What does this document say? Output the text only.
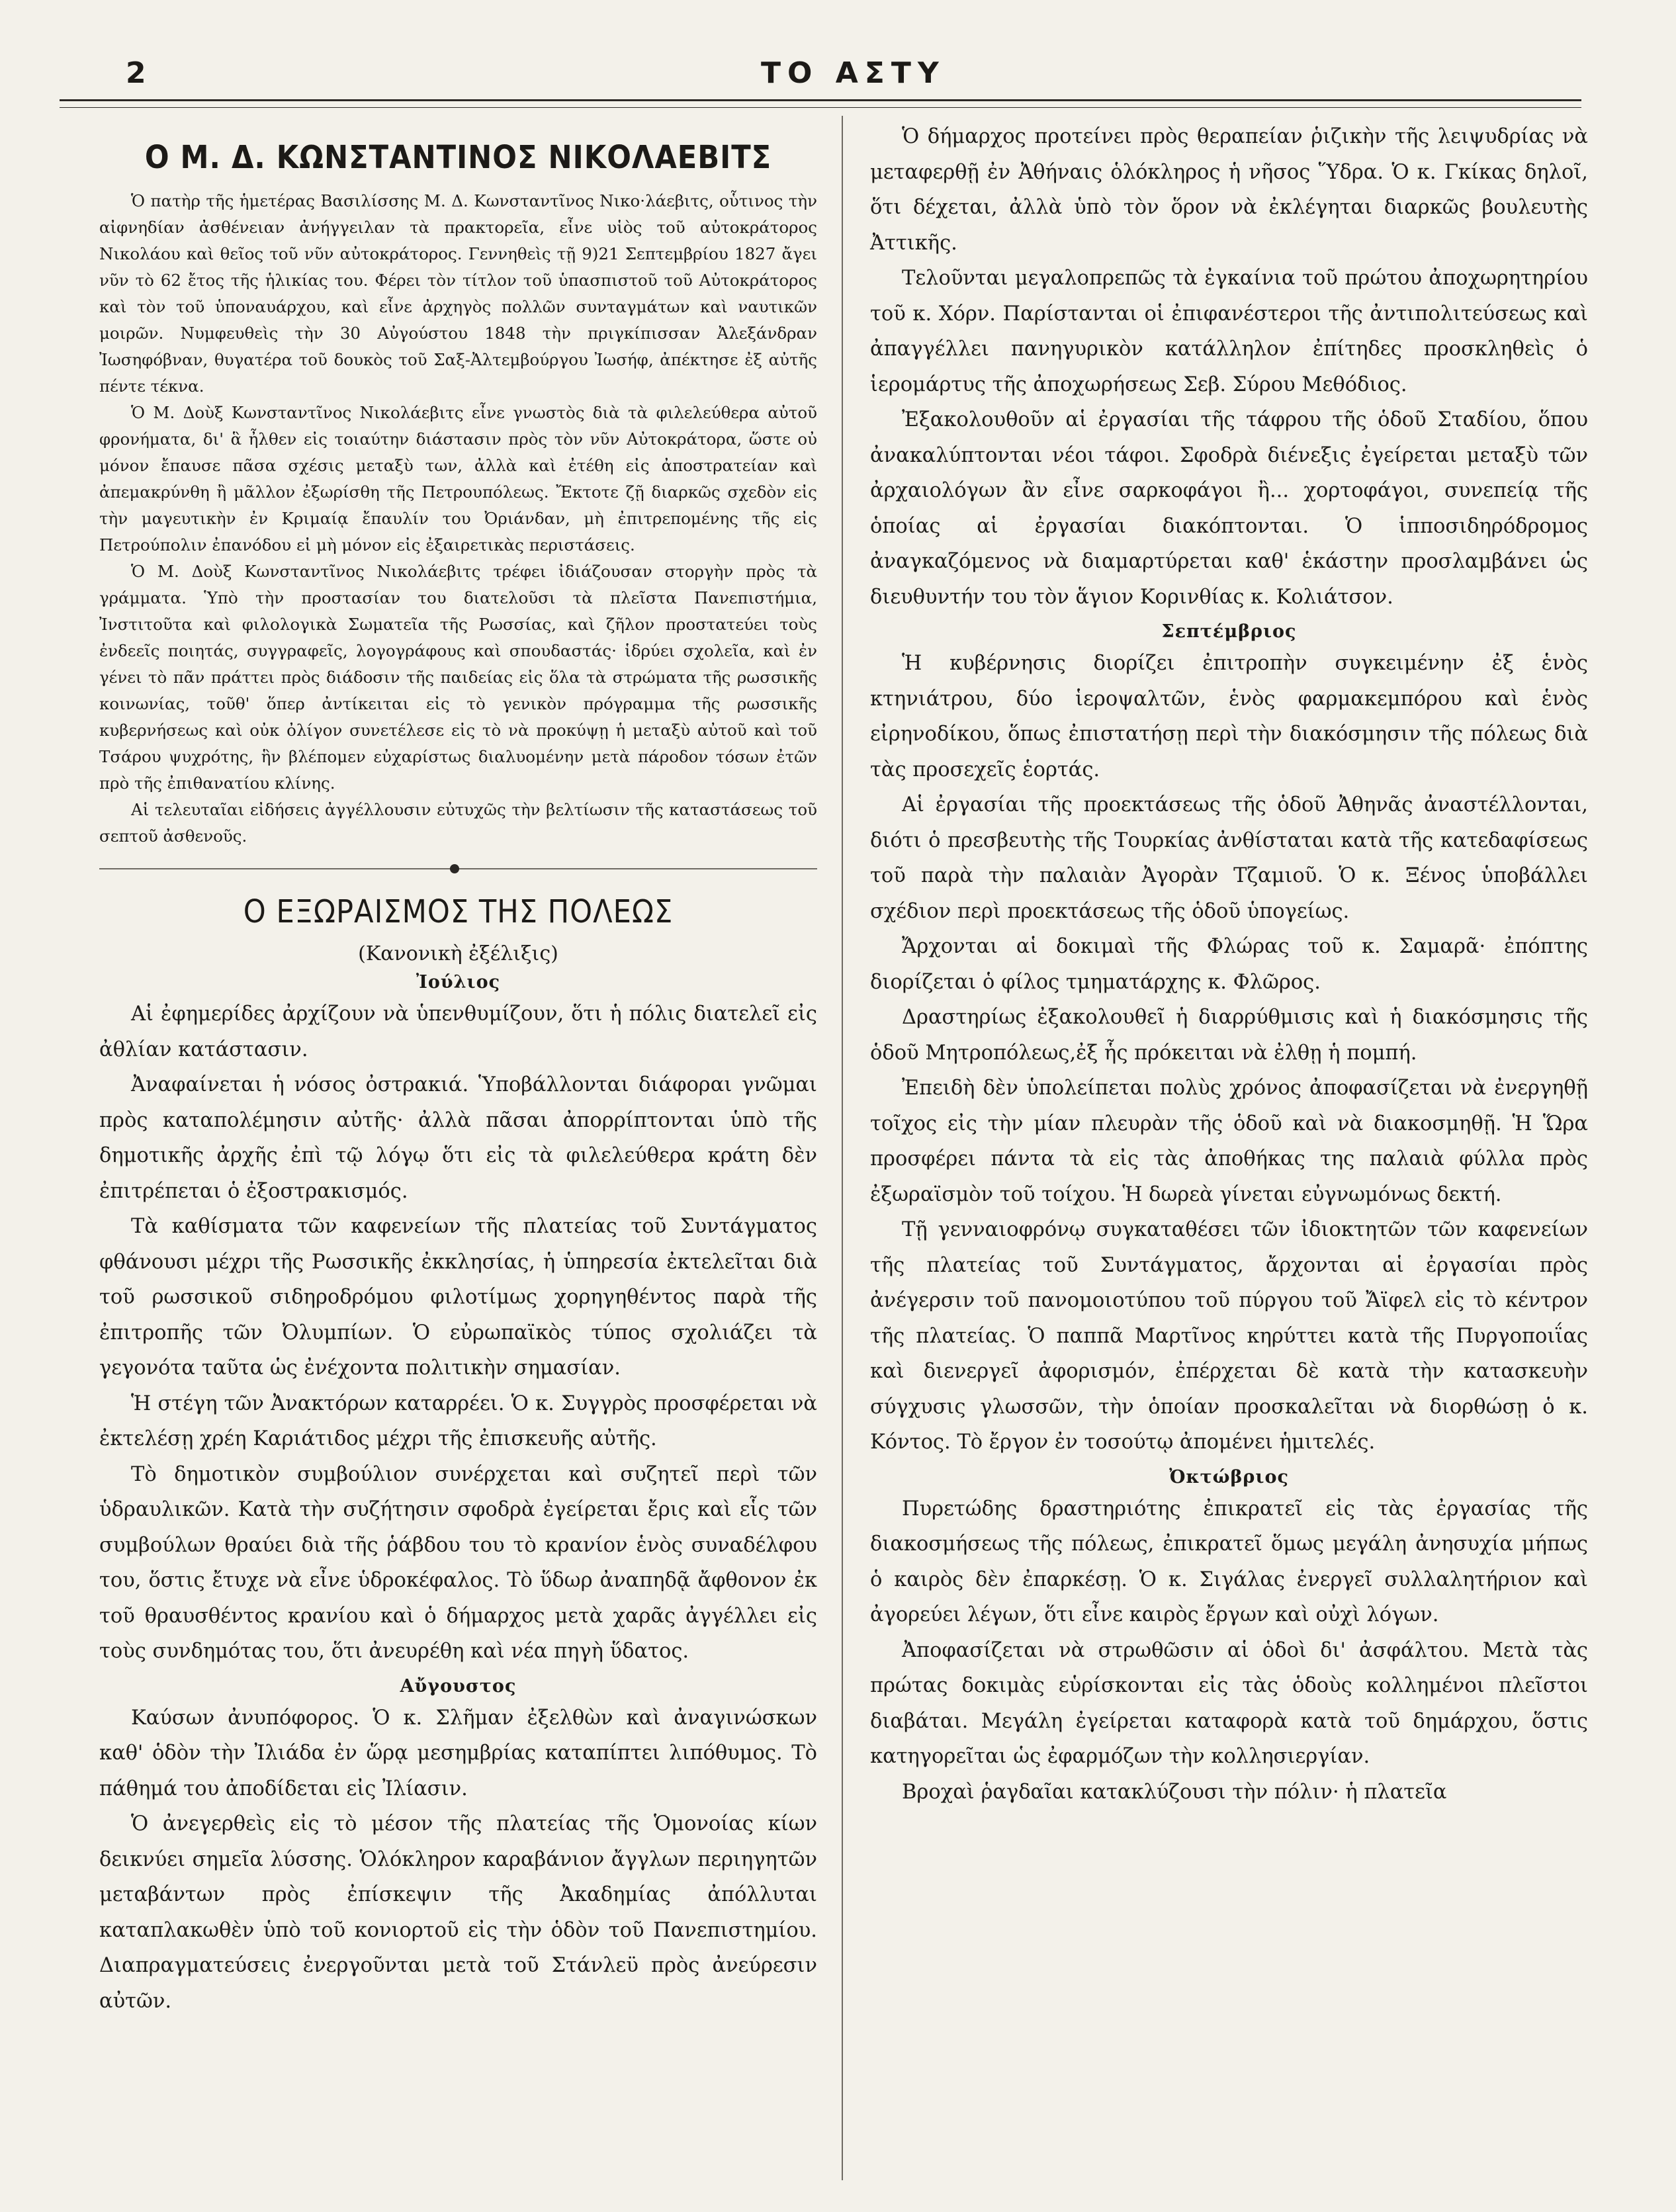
2	ΤΟ ΑΣΤΥ
Ο Μ. Δ. ΚΩΝΣΤΑΝΤΙΝΟΣ ΝΙΚΟΛΑΕΒΙΤΣ

Ὁ πατὴρ τῆς ἡμετέρας Βασιλίσσης Μ. Δ. Κωνσταντῖνος Νικο·λάεβιτς, οὗτινος τὴν αἰφνηδίαν ἀσθένειαν ἀνήγγειλαν τὰ πρακτορεῖα, εἶνε υἱὸς τοῦ αὐτοκράτορος Νικολάου καὶ θεῖος τοῦ νῦν αὐτοκράτορος. Γεννηθεὶς τῇ 9)21 Σεπτεμβρίου 1827 ἄγει νῦν τὸ 62 ἔτος τῆς ἡλικίας του. Φέρει τὸν τίτλον τοῦ ὑπασπιστοῦ τοῦ Αὐτοκράτορος καὶ τὸν τοῦ ὑποναυάρχου, καὶ εἶνε ἀρχηγὸς πολλῶν συνταγμάτων καὶ ναυτικῶν μοιρῶν. Νυμφευθεὶς τὴν 30 Αὐγούστου 1848 τὴν πριγκίπισσαν Ἀλεξάνδραν Ἰωσηφόβναν, θυγατέρα τοῦ δουκὸς τοῦ Σαξ-Ἀλτεμβούργου Ἰωσήφ, ἀπέκτησε ἐξ αὐτῆς πέντε τέκνα.

Ὁ Μ. Δοὺξ Κωνσταντῖνος Νικολάεβιτς εἶνε γνωστὸς διὰ τὰ φιλελεύθερα αὐτοῦ φρονήματα, δι' ἃ ἦλθεν εἰς τοιαύτην διάστασιν πρὸς τὸν νῦν Αὐτοκράτορα, ὥστε οὐ μόνον ἔπαυσε πᾶσα σχέσις μεταξὺ των, ἀλλὰ καὶ ἐτέθη εἰς ἀποστρατείαν καὶ ἀπεμακρύνθη ἢ μᾶλλον ἐξωρίσθη τῆς Πετρουπόλεως. Ἔκτοτε ζῇ διαρκῶς σχεδὸν εἰς τὴν μαγευτικὴν ἐν Κριμαίᾳ ἔπαυλίν του Ὀριάνδαν, μὴ ἐπιτρεπομένης τῆς εἰς Πετρούπολιν ἐπανόδου εἰ μὴ μόνον εἰς ἐξαιρετικὰς περιστάσεις.

Ὁ Μ. Δοὺξ Κωνσταντῖνος Νικολάεβιτς τρέφει ἰδιάζουσαν στοργὴν πρὸς τὰ γράμματα. Ὑπὸ τὴν προστασίαν του διατελοῦσι τὰ πλεῖστα Πανεπιστήμια, Ἰνστιτοῦτα καὶ φιλολογικὰ Σωματεῖα τῆς Ρωσσίας, καὶ ζῆλον προστατεύει τοὺς ἐνδεεῖς ποιητάς, συγγραφεῖς, λογογράφους καὶ σπουδαστάς· ἱδρύει σχολεῖα, καὶ ἐν γένει τὸ πᾶν πράττει πρὸς διάδοσιν τῆς παιδείας εἰς ὅλα τὰ στρώματα τῆς ρωσσικῆς κοινωνίας, τοῦθ' ὅπερ ἀντίκειται εἰς τὸ γενικὸν πρόγραμμα τῆς ρωσσικῆς κυβερνήσεως καὶ οὐκ ὀλίγον συνετέλεσε εἰς τὸ νὰ προκύψῃ ἡ μεταξὺ αὐτοῦ καὶ τοῦ Τσάρου ψυχρότης, ἣν βλέπομεν εὐχαρίστως διαλυομένην μετὰ πάροδον τόσων ἐτῶν πρὸ τῆς ἐπιθανατίου κλίνης.

Αἱ τελευταῖαι εἰδήσεις ἀγγέλλουσιν εὐτυχῶς τὴν βελτίωσιν τῆς καταστάσεως τοῦ σεπτοῦ ἀσθενοῦς.

Ο ΕΞΩΡΑΙΣΜΟΣ ΤΗΣ ΠΟΛΕΩΣ
(Κανονικὴ ἐξέλιξις)
Ἰούλιος

Αἱ ἐφημερίδες ἀρχίζουν νὰ ὑπενθυμίζουν, ὅτι ἡ πόλις διατελεῖ εἰς ἀθλίαν κατάστασιν.

Ἀναφαίνεται ἡ νόσος ὀστρακιά. Ὑποβάλλονται διάφοραι γνῶμαι πρὸς καταπολέμησιν αὐτῆς· ἀλλὰ πᾶσαι ἀπορρίπτονται ὑπὸ τῆς δημοτικῆς ἀρχῆς ἐπὶ τῷ λόγῳ ὅτι εἰς τὰ φιλελεύθερα κράτη δὲν ἐπιτρέπεται ὁ ἐξοστρακισμός.

Τὰ καθίσματα τῶν καφενείων τῆς πλατείας τοῦ Συντάγματος φθάνουσι μέχρι τῆς Ρωσσικῆς ἐκκλησίας, ἡ ὑπηρεσία ἐκτελεῖται διὰ τοῦ ρωσσικοῦ σιδηροδρόμου φιλοτίμως χορηγηθέντος παρὰ τῆς ἐπιτροπῆς τῶν Ὀλυμπίων. Ὁ εὐρωπαϊκὸς τύπος σχολιάζει τὰ γεγονότα ταῦτα ὡς ἐνέχοντα πολιτικὴν σημασίαν.

Ἡ στέγη τῶν Ἀνακτόρων καταρρέει. Ὁ κ. Συγγρὸς προσφέρεται νὰ ἐκτελέσῃ χρέη Καριάτιδος μέχρι τῆς ἐπισκευῆς αὐτῆς.

Τὸ δημοτικὸν συμβούλιον συνέρχεται καὶ συζητεῖ περὶ τῶν ὑδραυλικῶν. Κατὰ τὴν συζήτησιν σφοδρὰ ἐγείρεται ἔρις καὶ εἷς τῶν συμβούλων θραύει διὰ τῆς ῥάβδου του τὸ κρανίον ἑνὸς συναδέλφου του, ὅστις ἔτυχε νὰ εἶνε ὑδροκέφαλος. Τὸ ὕδωρ ἀναπηδᾷ ἄφθονον ἐκ τοῦ θραυσθέντος κρανίου καὶ ὁ δήμαρχος μετὰ χαρᾶς ἀγγέλλει εἰς τοὺς συνδημότας του, ὅτι ἀνευρέθη καὶ νέα πηγὴ ὕδατος.

Αὔγουστος

Καύσων ἀνυπόφορος. Ὁ κ. Σλῆμαν ἐξελθὼν καὶ ἀναγινώσκων καθ' ὁδὸν τὴν Ἰλιάδα ἐν ὥρᾳ μεσημβρίας καταπίπτει λιπόθυμος. Τὸ πάθημά του ἀποδίδεται εἰς Ἰλίασιν.

Ὁ ἀνεγερθεὶς εἰς τὸ μέσον τῆς πλατείας τῆς Ὁμονοίας κίων δεικνύει σημεῖα λύσσης. Ὁλόκληρον καραβάνιον ἄγγλων περιηγητῶν μεταβάντων πρὸς ἐπίσκεψιν τῆς Ἀκαδημίας ἀπόλλυται καταπλακωθὲν ὑπὸ τοῦ κονιορτοῦ εἰς τὴν ὁδὸν τοῦ Πανεπιστημίου. Διαπραγματεύσεις ἐνεργοῦνται μετὰ τοῦ Στάνλεϋ πρὸς ἀνεύρεσιν αὐτῶν.

Ὁ δήμαρχος προτείνει πρὸς θεραπείαν ῥιζικὴν τῆς λειψυδρίας νὰ μεταφερθῇ ἐν Ἀθήναις ὁλόκληρος ἡ νῆσος Ὕδρα. Ὁ κ. Γκίκας δηλοῖ, ὅτι δέχεται, ἀλλὰ ὑπὸ τὸν ὅρον νὰ ἐκλέγηται διαρκῶς βουλευτὴς Ἀττικῆς.

Τελοῦνται μεγαλοπρεπῶς τὰ ἐγκαίνια τοῦ πρώτου ἀποχωρητηρίου τοῦ κ. Χόρν. Παρίστανται οἱ ἐπιφανέστεροι τῆς ἀντιπολιτεύσεως καὶ ἀπαγγέλλει πανηγυρικὸν κατάλληλον ἐπίτηδες προσκληθεὶς ὁ ἱερομάρτυς τῆς ἀποχωρήσεως Σεβ. Σύρου Μεθόδιος.

Ἐξακολουθοῦν αἱ ἐργασίαι τῆς τάφρου τῆς ὁδοῦ Σταδίου, ὅπου ἀνακαλύπτονται νέοι τάφοι. Σφοδρὰ διένεξις ἐγείρεται μεταξὺ τῶν ἀρχαιολόγων ἂν εἶνε σαρκοφάγοι ἢ... χορτοφάγοι, συνεπείᾳ τῆς ὁποίας αἱ ἐργασίαι διακόπτονται. Ὁ ἱπποσιδηρόδρομος ἀναγκαζόμενος νὰ διαμαρτύρεται καθ' ἑκάστην προσλαμβάνει ὡς διευθυντήν του τὸν ἅγιον Κορινθίας κ. Κολιάτσον.

Σεπτέμβριος

Ἡ κυβέρνησις διορίζει ἐπιτροπὴν συγκειμένην ἐξ ἑνὸς κτηνιάτρου, δύο ἱεροψαλτῶν, ἑνὸς φαρμακεμπόρου καὶ ἑνὸς εἰρηνοδίκου, ὅπως ἐπιστατήσῃ περὶ τὴν διακόσμησιν τῆς πόλεως διὰ τὰς προσεχεῖς ἑορτάς.

Αἱ ἐργασίαι τῆς προεκτάσεως τῆς ὁδοῦ Ἀθηνᾶς ἀναστέλλονται, διότι ὁ πρεσβευτὴς τῆς Τουρκίας ἀνθίσταται κατὰ τῆς κατεδαφίσεως τοῦ παρὰ τὴν παλαιὰν Ἀγορὰν Τζαμιοῦ. Ὁ κ. Ξένος ὑποβάλλει σχέδιον περὶ προεκτάσεως τῆς ὁδοῦ ὑπογείως.

Ἄρχονται αἱ δοκιμαὶ τῆς Φλώρας τοῦ κ. Σαμαρᾶ· ἐπόπτης διορίζεται ὁ φίλος τμηματάρχης κ. Φλῶρος.

Δραστηρίως ἐξακολουθεῖ ἡ διαρρύθμισις καὶ ἡ διακόσμησις τῆς ὁδοῦ Μητροπόλεως,ἐξ ἧς πρόκειται νὰ ἐλθῃ ἡ πομπή.

Ἐπειδὴ δὲν ὑπολείπεται πολὺς χρόνος ἀποφασίζεται νὰ ἐνεργηθῇ τοῖχος εἰς τὴν μίαν πλευρὰν τῆς ὁδοῦ καὶ νὰ διακοσμηθῇ. Ἡ Ὥρα προσφέρει πάντα τὰ εἰς τὰς ἀποθήκας της παλαιὰ φύλλα πρὸς ἐξωραϊσμὸν τοῦ τοίχου. Ἡ δωρεὰ γίνεται εὐγνωμόνως δεκτή.

Τῇ γενναιοφρόνῳ συγκαταθέσει τῶν ἰδιοκτητῶν τῶν καφενείων τῆς πλατείας τοῦ Συντάγματος, ἄρχονται αἱ ἐργασίαι πρὸς ἀνέγερσιν τοῦ πανομοιοτύπου τοῦ πύργου τοῦ Ἄϊφελ εἰς τὸ κέντρον τῆς πλατείας. Ὁ παππᾶ Μαρτῖνος κηρύττει κατὰ τῆς Πυργοποιΐας καὶ διενεργεῖ ἀφορισμόν, ἐπέρχεται δὲ κατὰ τὴν κατασκευὴν σύγχυσις γλωσσῶν, τὴν ὁποίαν προσκαλεῖται νὰ διορθώσῃ ὁ κ. Κόντος. Τὸ ἔργον ἐν τοσούτῳ ἀπομένει ἡμιτελές.

Ὀκτώβριος

Πυρετώδης δραστηριότης ἐπικρατεῖ εἰς τὰς ἐργασίας τῆς διακοσμήσεως τῆς πόλεως, ἐπικρατεῖ ὅμως μεγάλη ἀνησυχία μήπως ὁ καιρὸς δὲν ἐπαρκέσῃ. Ὁ κ. Σιγάλας ἐνεργεῖ συλλαλητήριον καὶ ἀγορεύει λέγων, ὅτι εἶνε καιρὸς ἔργων καὶ οὐχὶ λόγων.

Ἀποφασίζεται νὰ στρωθῶσιν αἱ ὁδοὶ δι' ἀσφάλτου. Μετὰ τὰς πρώτας δοκιμὰς εὑρίσκονται εἰς τὰς ὁδοὺς κολλημένοι πλεῖστοι διαβάται. Μεγάλη ἐγείρεται καταφορὰ κατὰ τοῦ δημάρχου, ὅστις κατηγορεῖται ὡς ἐφαρμόζων τὴν κολλησιεργίαν.

Βροχαὶ ῥαγδαῖαι κατακλύζουσι τὴν πόλιν· ἡ πλατεῖα
